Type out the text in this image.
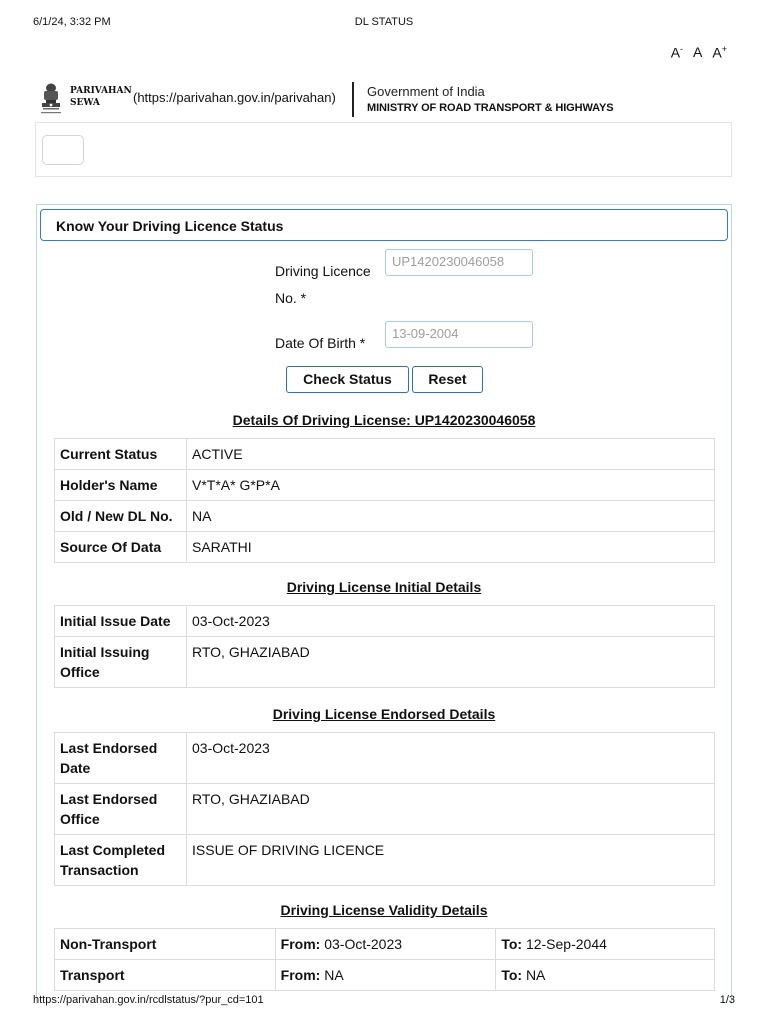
6/1/24, 3:32 PM	DL STATUS
A- A A+
PARIVAHAN
SEWA	(https://parivahan.gov.in/parivahan) Government of India
MINISTRY OF ROAD TRANSPORT & HIGHWAYS
Know Your Driving Licence Status
Driving Licence
No. *
UP1420230046058
Date Of Birth *
13-09-2004
Check Status	Reset
Details Of Driving License: UP1420230046058
Current Status	ACTIVE
Holder's Name	V*T*A* G*P*A
Old / New DL No.	NA
Source Of Data	SARATHI
Driving License Initial Details
Initial Issue Date	03-Oct-2023
Initial Issuing Office	RTO, GHAZIABAD
Driving License Endorsed Details
Last Endorsed Date	03-Oct-2023
Last Endorsed Office	RTO, GHAZIABAD
Last Completed Transaction	ISSUE OF DRIVING LICENCE
Driving License Validity Details
Non-Transport	From: 03-Oct-2023	To: 12-Sep-2044
Transport	From: NA	To: NA
https://parivahan.gov.in/rcdlstatus/?pur_cd=101	1/3
